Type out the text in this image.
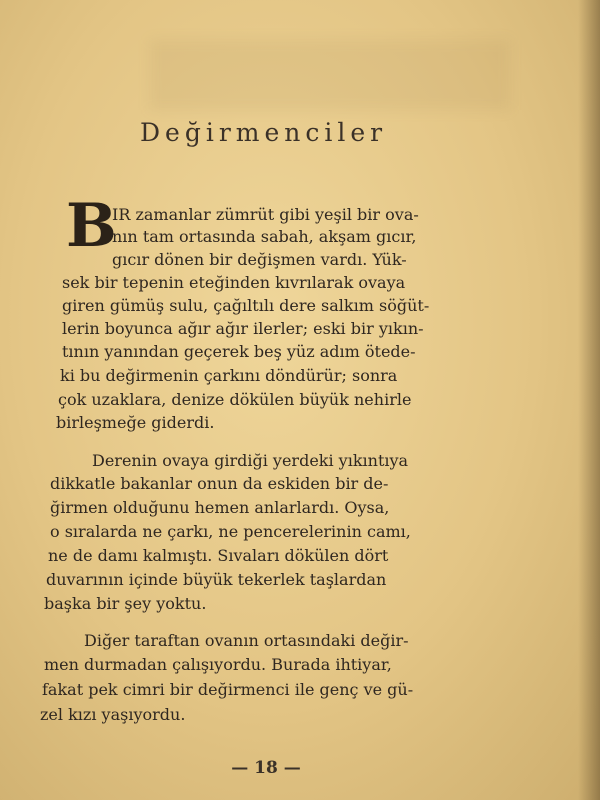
Değirmenciler
B
IR zamanlar zümrüt gibi yeşil bir ova-
nın tam ortasında sabah, akşam gıcır,
gıcır dönen bir değişmen vardı. Yük-
sek bir tepenin eteğinden kıvrılarak ovaya
giren gümüş sulu, çağıltılı dere salkım söğüt-
lerin boyunca ağır ağır ilerler; eski bir yıkın-
tının yanından geçerek beş yüz adım ötede-
ki bu değirmenin çarkını döndürür; sonra
çok uzaklara, denize dökülen büyük nehirle
birleşmeğe giderdi.
Derenin ovaya girdiği yerdeki yıkıntıya
dikkatle bakanlar onun da eskiden bir de-
ğirmen olduğunu hemen anlarlardı. Oysa,
o sıralarda ne çarkı, ne pencerelerinin camı,
ne de damı kalmıştı. Sıvaları dökülen dört
duvarının içinde büyük tekerlek taşlardan
başka bir şey yoktu.
Diğer taraftan ovanın ortasındaki değir-
men durmadan çalışıyordu. Burada ihtiyar,
fakat pek cimri bir değirmenci ile genç ve gü-
zel kızı yaşıyordu.
— 18 —
